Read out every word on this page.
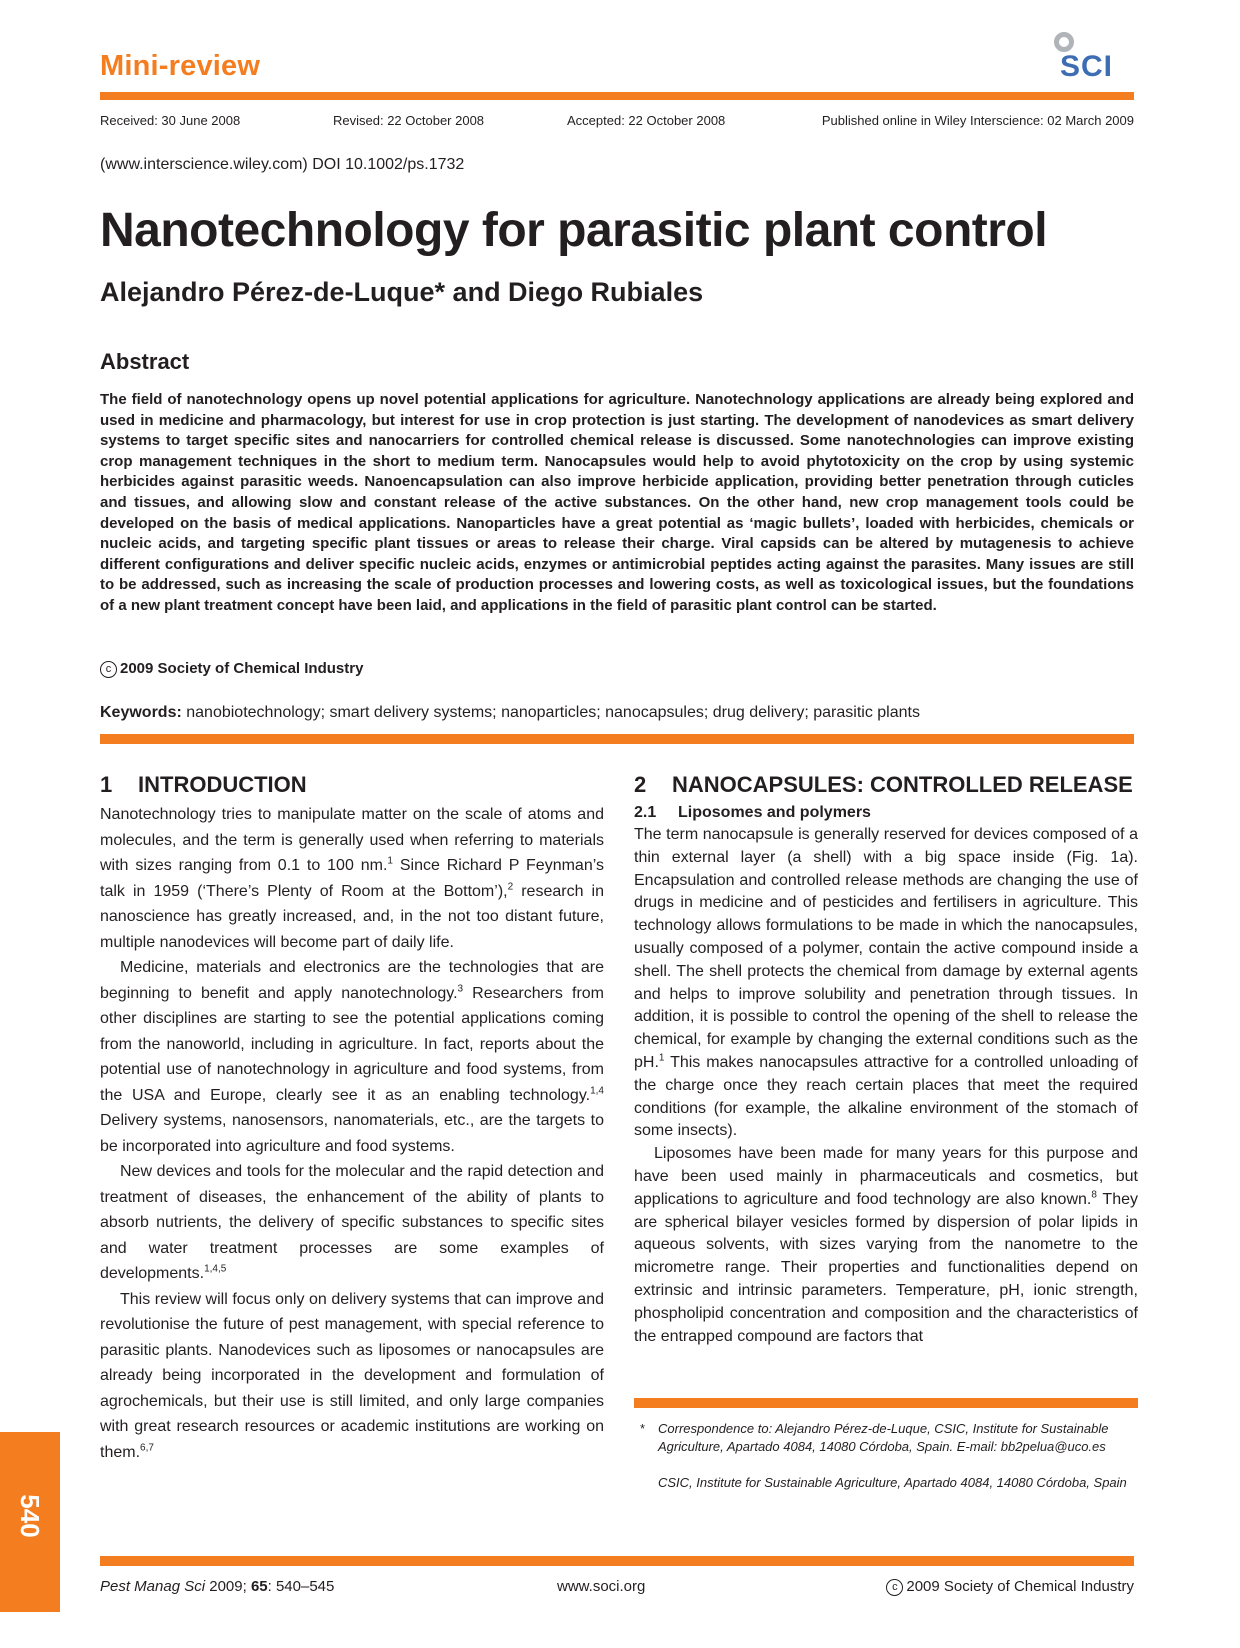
Mini-review	SCI
Received: 30 June 2008	Revised: 22 October 2008	Accepted: 22 October 2008	Published online in Wiley Interscience: 02 March 2009
(www.interscience.wiley.com) DOI 10.1002/ps.1732
Nanotechnology for parasitic plant control
Alejandro Pérez-de-Luque* and Diego Rubiales
Abstract
The field of nanotechnology opens up novel potential applications for agriculture. Nanotechnology applications are already being explored and used in medicine and pharmacology, but interest for use in crop protection is just starting. The development of nanodevices as smart delivery systems to target specific sites and nanocarriers for controlled chemical release is discussed. Some nanotechnologies can improve existing crop management techniques in the short to medium term. Nanocapsules would help to avoid phytotoxicity on the crop by using systemic herbicides against parasitic weeds. Nanoencapsulation can also improve herbicide application, providing better penetration through cuticles and tissues, and allowing slow and constant release of the active substances. On the other hand, new crop management tools could be developed on the basis of medical applications. Nanoparticles have a great potential as ‘magic bullets’, loaded with herbicides, chemicals or nucleic acids, and targeting specific plant tissues or areas to release their charge. Viral capsids can be altered by mutagenesis to achieve different configurations and deliver specific nucleic acids, enzymes or antimicrobial peptides acting against the parasites. Many issues are still to be addressed, such as increasing the scale of production processes and lowering costs, as well as toxicological issues, but the foundations of a new plant treatment concept have been laid, and applications in the field of parasitic plant control can be started.
c 2009 Society of Chemical Industry
Keywords: nanobiotechnology; smart delivery systems; nanoparticles; nanocapsules; drug delivery; parasitic plants
1 INTRODUCTION

Nanotechnology tries to manipulate matter on the scale of atoms and molecules, and the term is generally used when referring to materials with sizes ranging from 0.1 to 100 nm.$^1$ Since Richard P Feynman’s talk in 1959 (‘There’s Plenty of Room at the Bottom’),$^2$ research in nanoscience has greatly increased, and, in the not too distant future, multiple nanodevices will become part of daily life.

Medicine, materials and electronics are the technologies that are beginning to benefit and apply nanotechnology.$^3$ Researchers from other disciplines are starting to see the potential applications coming from the nanoworld, including in agriculture. In fact, reports about the potential use of nanotechnology in agriculture and food systems, from the USA and Europe, clearly see it as an enabling technology.$^{1,4}$ Delivery systems, nanosensors, nanomaterials, etc., are the targets to be incorporated into agriculture and food systems.

New devices and tools for the molecular and the rapid detection and treatment of diseases, the enhancement of the ability of plants to absorb nutrients, the delivery of specific substances to specific sites and water treatment processes are some examples of developments.$^{1,4,5}$

This review will focus only on delivery systems that can improve and revolutionise the future of pest management, with special reference to parasitic plants. Nanodevices such as liposomes or nanocapsules are already being incorporated in the development and formulation of agrochemicals, but their use is still limited, and only large companies with great research resources or academic institutions are working on them.$^{6,7}$

2 NANOCAPSULES: CONTROLLED RELEASE
2.1 Liposomes and polymers

The term nanocapsule is generally reserved for devices composed of a thin external layer (a shell) with a big space inside (Fig. 1a). Encapsulation and controlled release methods are changing the use of drugs in medicine and of pesticides and fertilisers in agriculture. This technology allows formulations to be made in which the nanocapsules, usually composed of a polymer, contain the active compound inside a shell. The shell protects the chemical from damage by external agents and helps to improve solubility and penetration through tissues. In addition, it is possible to control the opening of the shell to release the chemical, for example by changing the external conditions such as the pH.$^1$ This makes nanocapsules attractive for a controlled unloading of the charge once they reach certain places that meet the required conditions (for example, the alkaline environment of the stomach of some insects).

Liposomes have been made for many years for this purpose and have been used mainly in pharmaceuticals and cosmetics, but applications to agriculture and food technology are also known.$^8$ They are spherical bilayer vesicles formed by dispersion of polar lipids in aqueous solvents, with sizes varying from the nanometre to the micrometre range. Their properties and functionalities depend on extrinsic and intrinsic parameters. Temperature, pH, ionic strength, phospholipid concentration and composition and the characteristics of the entrapped compound are factors that

* Correspondence to: Alejandro Pérez-de-Luque, CSIC, Institute for Sustainable Agriculture, Apartado 4084, 14080 Córdoba, Spain. E-mail: bb2pelua@uco.es
CSIC, Institute for Sustainable Agriculture, Apartado 4084, 14080 Córdoba, Spain
540
Pest Manag Sci 2009; 65: 540–545	www.soci.org	c 2009 Society of Chemical Industry
